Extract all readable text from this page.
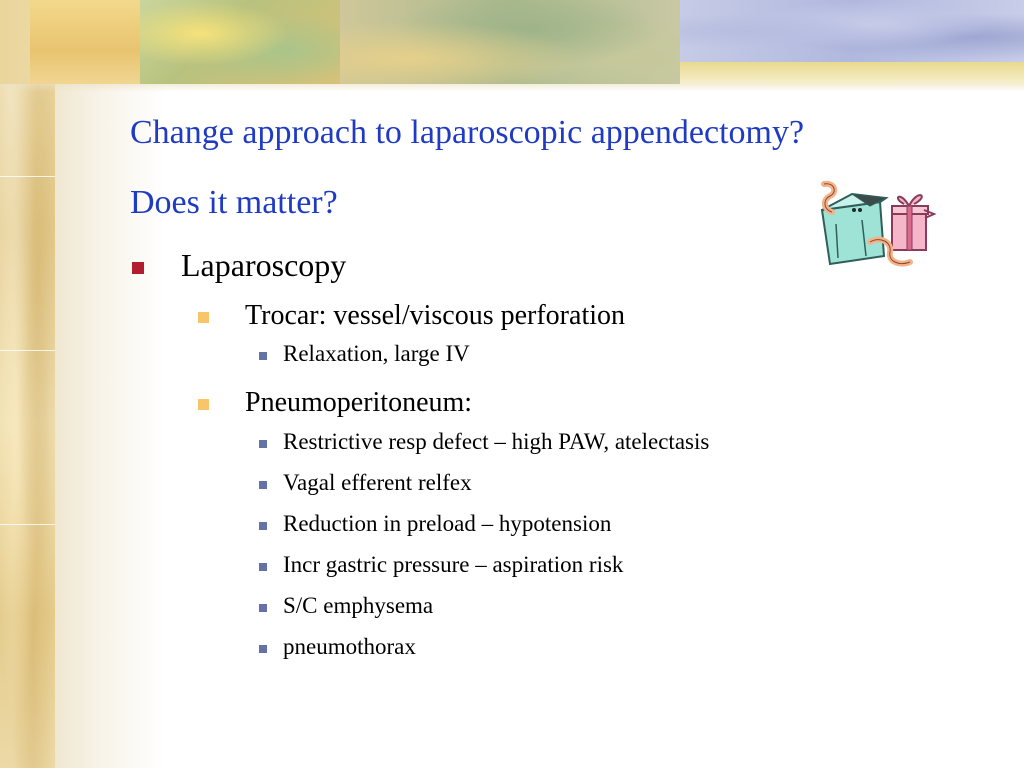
Change approach to laparoscopic appendectomy?
Does it matter?
Laparoscopy
Trocar: vessel/viscous perforation
Relaxation, large IV
Pneumoperitoneum:
Restrictive resp defect – high PAW, atelectasis
Vagal efferent relfex
Reduction in preload – hypotension
Incr gastric pressure – aspiration risk
S/C emphysema
pneumothorax
